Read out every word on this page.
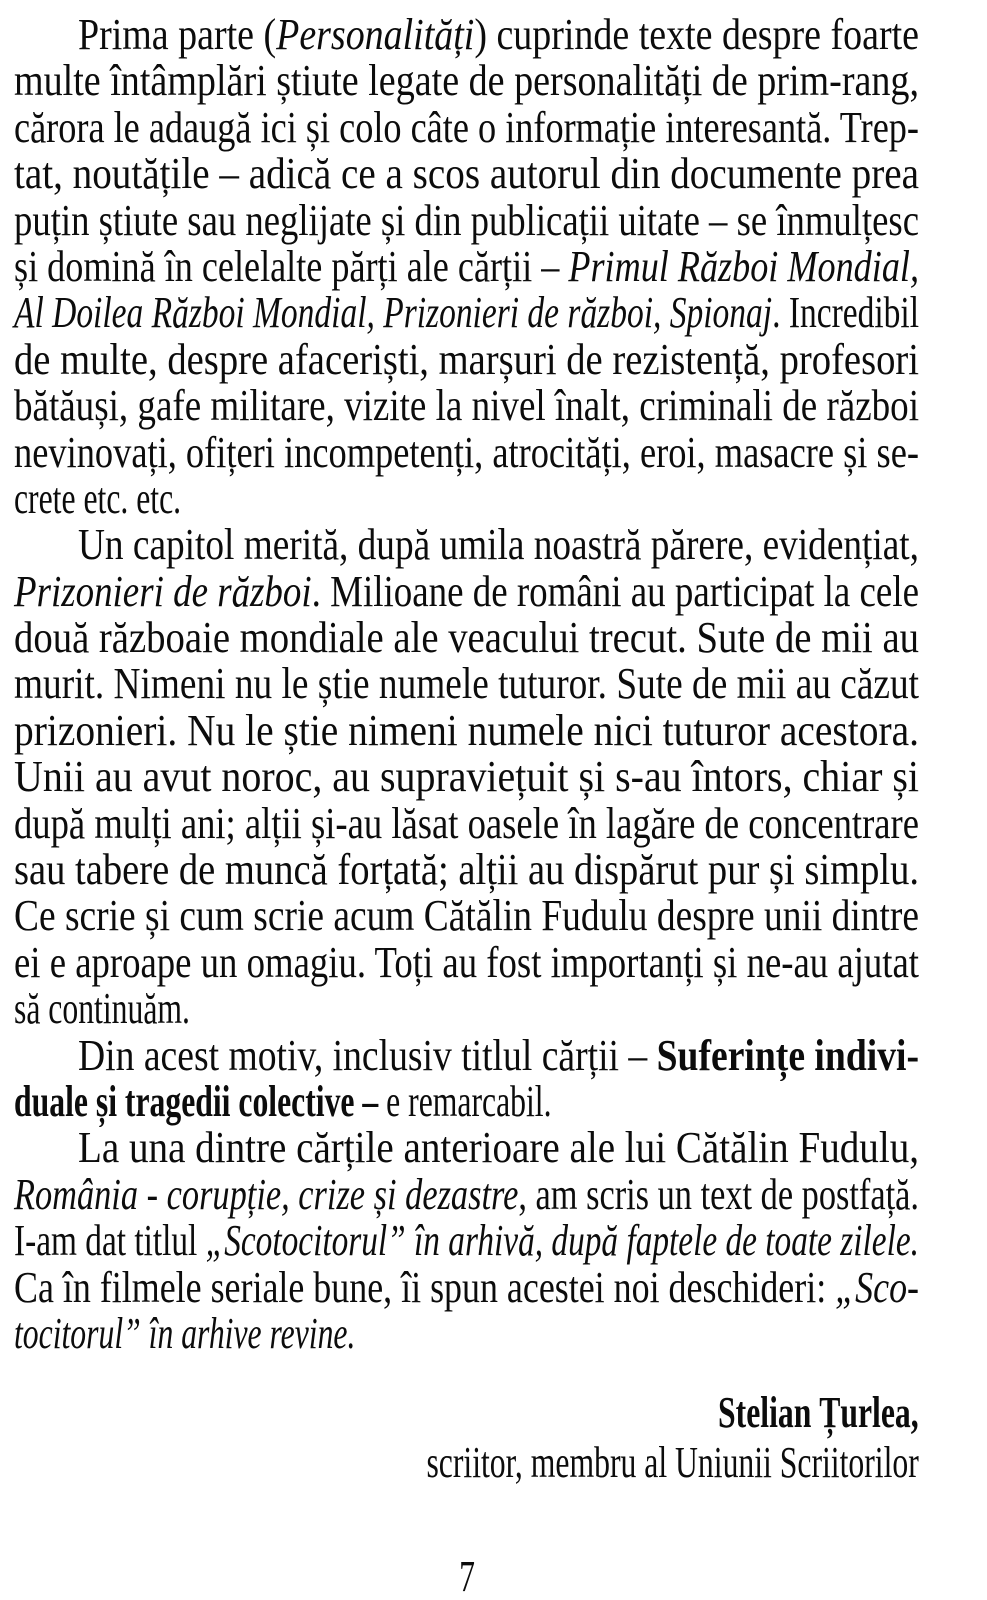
Prima parte (Personalități) cuprinde texte despre foarte
multe întâmplări știute legate de personalități de prim-rang,
cărora le adaugă ici și colo câte o informație interesantă. Trep-
tat, noutățile – adică ce a scos autorul din documente prea
puțin știute sau neglijate și din publicații uitate – se înmulțesc
și domină în celelalte părți ale cărții – Primul Război Mondial,
Al Doilea Război Mondial, Prizonieri de război, Spionaj. Incredibil
de multe, despre afaceriști, marșuri de rezistență, profesori
bătăuși, gafe militare, vizite la nivel înalt, criminali de război
nevinovați, ofițeri incompetenți, atrocități, eroi, masacre și se-
crete etc. etc.
Un capitol merită, după umila noastră părere, evidențiat,
Prizonieri de război. Milioane de români au participat la cele
două războaie mondiale ale veacului trecut. Sute de mii au
murit. Nimeni nu le știe numele tuturor. Sute de mii au căzut
prizonieri. Nu le știe nimeni numele nici tuturor acestora.
Unii au avut noroc, au supraviețuit și s-au întors, chiar și
după mulți ani; alții și-au lăsat oasele în lagăre de concentrare
sau tabere de muncă forțată; alții au dispărut pur și simplu.
Ce scrie și cum scrie acum Cătălin Fudulu despre unii dintre
ei e aproape un omagiu. Toți au fost importanți și ne-au ajutat
să continuăm.
Din acest motiv, inclusiv titlul cărții – Suferințe indivi-
duale și tragedii colective – e remarcabil.
La una dintre cărțile anterioare ale lui Cătălin Fudulu,
România - corupție, crize și dezastre, am scris un text de postfață.
I-am dat titlul „Scotocitorul” în arhivă, după faptele de toate zilele.
Ca în filmele seriale bune, îi spun acestei noi deschideri: „Sco-
tocitorul” în arhive revine.
Stelian Țurlea,
scriitor, membru al Uniunii Scriitorilor
7
